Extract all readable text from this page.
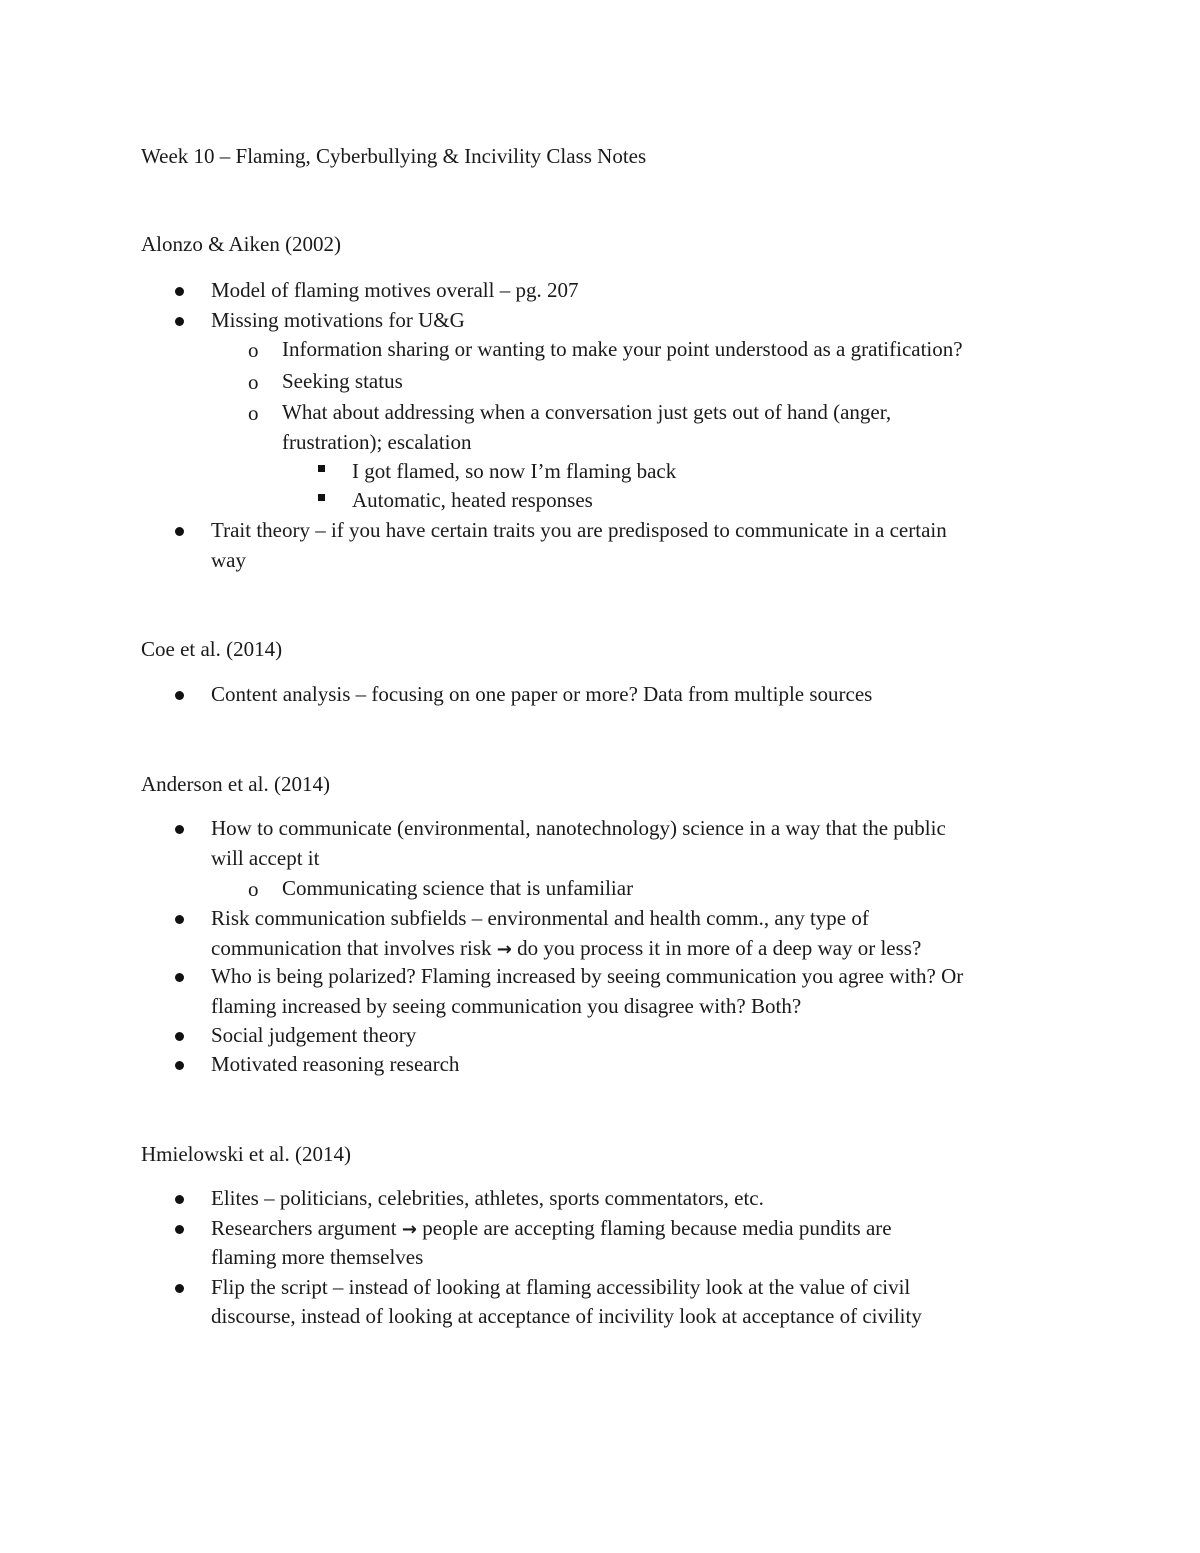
Week 10 – Flaming, Cyberbullying & Incivility Class Notes
Alonzo & Aiken (2002)
Model of flaming motives overall – pg. 207
Missing motivations for U&G
o Information sharing or wanting to make your point understood as a gratification?
o Seeking status
o What about addressing when a conversation just gets out of hand (anger,
frustration); escalation
I got flamed, so now I’m flaming back
Automatic, heated responses
Trait theory – if you have certain traits you are predisposed to communicate in a certain
way
Coe et al. (2014)
Content analysis – focusing on one paper or more? Data from multiple sources
Anderson et al. (2014)
How to communicate (environmental, nanotechnology) science in a way that the public
will accept it
o Communicating science that is unfamiliar
Risk communication subfields – environmental and health comm., any type of
communication that involves risk → do you process it in more of a deep way or less?
Who is being polarized? Flaming increased by seeing communication you agree with? Or
flaming increased by seeing communication you disagree with? Both?
Social judgement theory
Motivated reasoning research
Hmielowski et al. (2014)
Elites – politicians, celebrities, athletes, sports commentators, etc.
Researchers argument → people are accepting flaming because media pundits are
flaming more themselves
Flip the script – instead of looking at flaming accessibility look at the value of civil
discourse, instead of looking at acceptance of incivility look at acceptance of civility
